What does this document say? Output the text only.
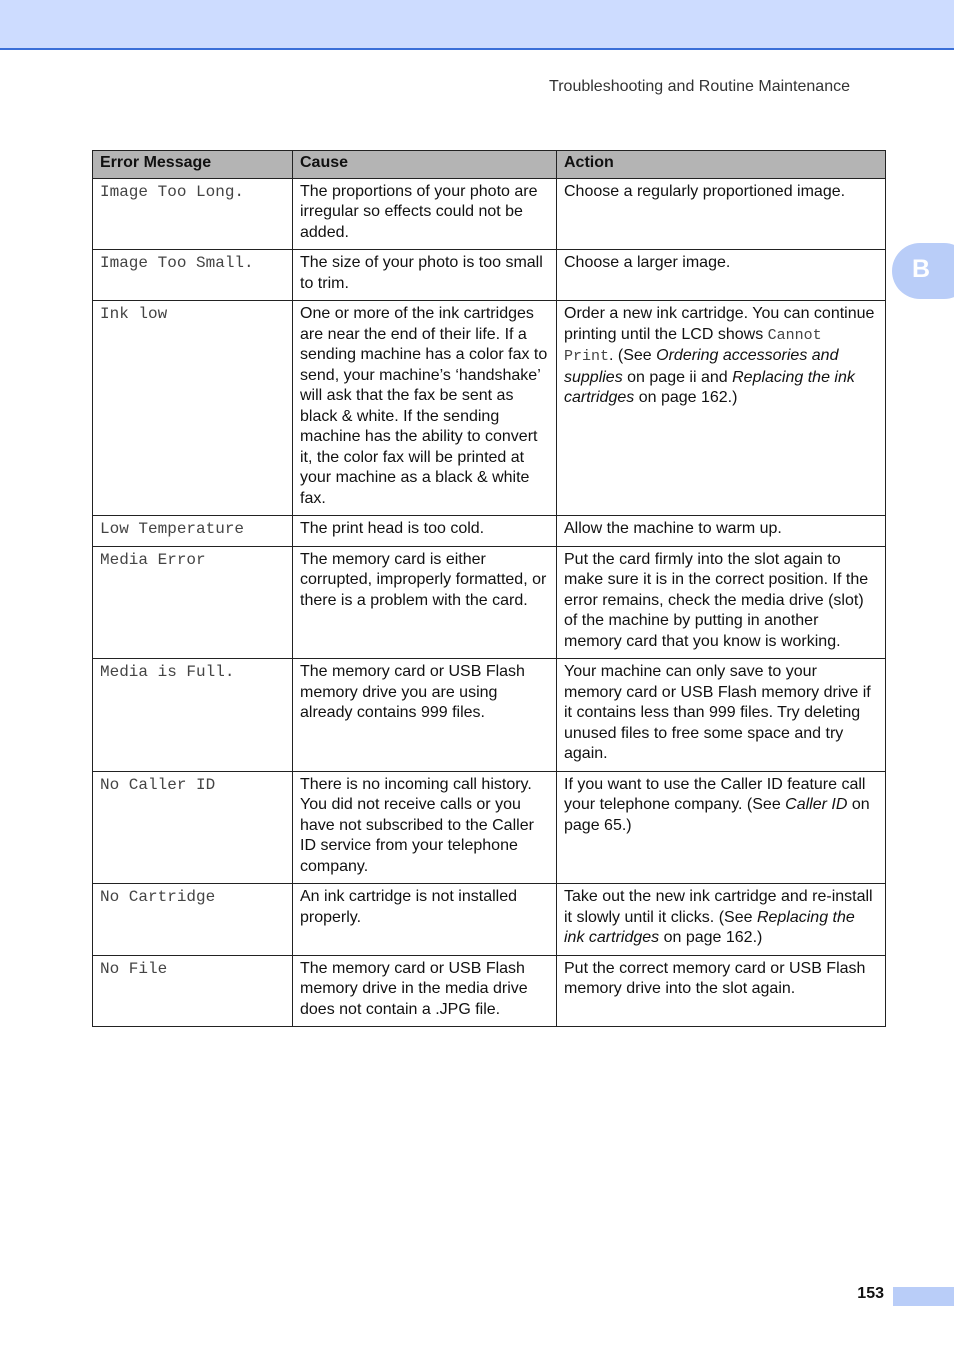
Troubleshooting and Routine Maintenance
B
Error Message	Cause	Action
Image Too Long.	The proportions of your photo are irregular so effects could not be added.	Choose a regularly proportioned image.
Image Too Small.	The size of your photo is too small to trim.	Choose a larger image.
Ink low	One or more of the ink cartridges are near the end of their life. If a sending machine has a color fax to send, your machine’s ‘handshake’ will ask that the fax be sent as black & white. If the sending machine has the ability to convert it, the color fax will be printed at your machine as a black & white fax.	Order a new ink cartridge. You can continue printing until the LCD shows Cannot Print. (See Ordering accessories and supplies on page ii and Replacing the ink cartridges on page 162.)
Low Temperature	The print head is too cold.	Allow the machine to warm up.
Media Error	The memory card is either corrupted, improperly formatted, or there is a problem with the card.	Put the card firmly into the slot again to make sure it is in the correct position. If the error remains, check the media drive (slot) of the machine by putting in another memory card that you know is working.
Media is Full.	The memory card or USB Flash memory drive you are using already contains 999 files.	Your machine can only save to your memory card or USB Flash memory drive if it contains less than 999 files. Try deleting unused files to free some space and try again.
No Caller ID	There is no incoming call history. You did not receive calls or you have not subscribed to the Caller ID service from your telephone company.	If you want to use the Caller ID feature call your telephone company. (See Caller ID on page 65.)
No Cartridge	An ink cartridge is not installed properly.	Take out the new ink cartridge and re-install it slowly until it clicks. (See Replacing the ink cartridges on page 162.)
No File	The memory card or USB Flash memory drive in the media drive does not contain a .JPG file.	Put the correct memory card or USB Flash memory drive into the slot again.
153
